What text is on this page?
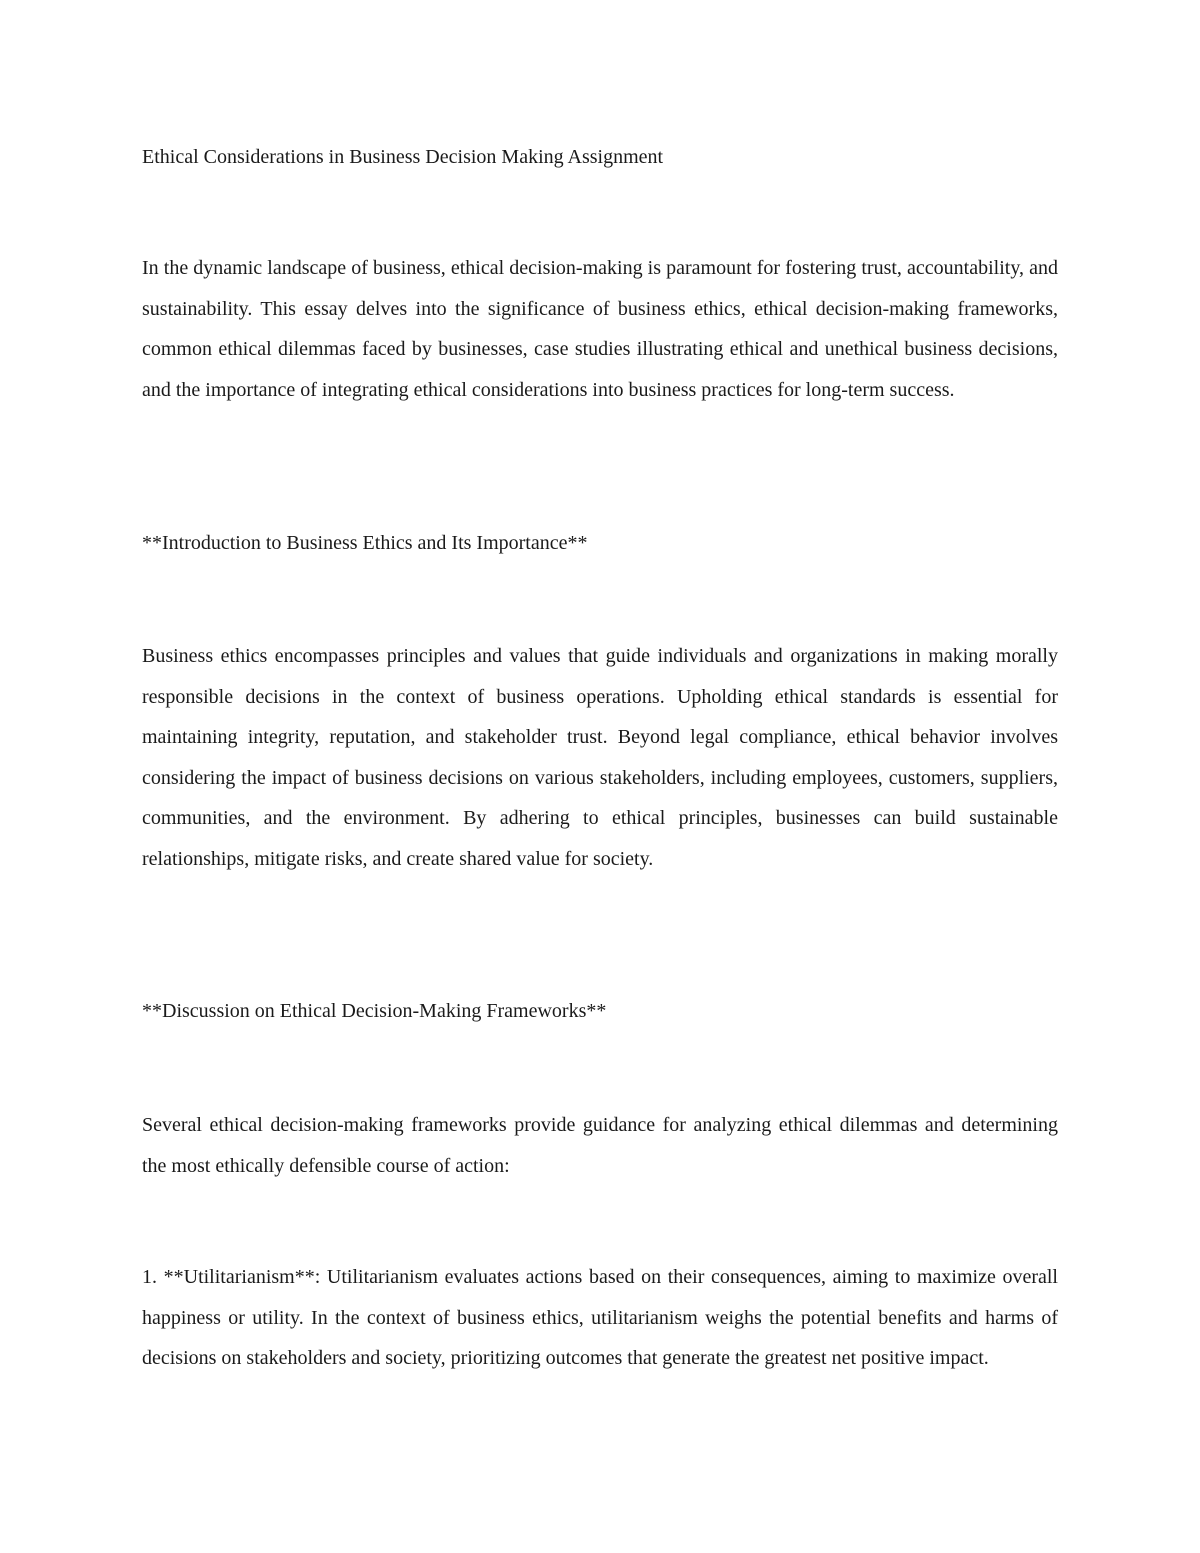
Ethical Considerations in Business Decision Making Assignment

In the dynamic landscape of business, ethical decision-making is paramount for fostering trust, accountability, and sustainability. This essay delves into the significance of business ethics, ethical decision-making frameworks, common ethical dilemmas faced by businesses, case studies illustrating ethical and unethical business decisions, and the importance of integrating ethical considerations into business practices for long-term success.

**Introduction to Business Ethics and Its Importance**

Business ethics encompasses principles and values that guide individuals and organizations in making morally responsible decisions in the context of business operations. Upholding ethical standards is essential for maintaining integrity, reputation, and stakeholder trust. Beyond legal compliance, ethical behavior involves considering the impact of business decisions on various stakeholders, including employees, customers, suppliers, communities, and the environment. By adhering to ethical principles, businesses can build sustainable relationships, mitigate risks, and create shared value for society.

**Discussion on Ethical Decision-Making Frameworks**

Several ethical decision-making frameworks provide guidance for analyzing ethical dilemmas and determining the most ethically defensible course of action:

1. **Utilitarianism**: Utilitarianism evaluates actions based on their consequences, aiming to maximize overall happiness or utility. In the context of business ethics, utilitarianism weighs the potential benefits and harms of decisions on stakeholders and society, prioritizing outcomes that generate the greatest net positive impact.
